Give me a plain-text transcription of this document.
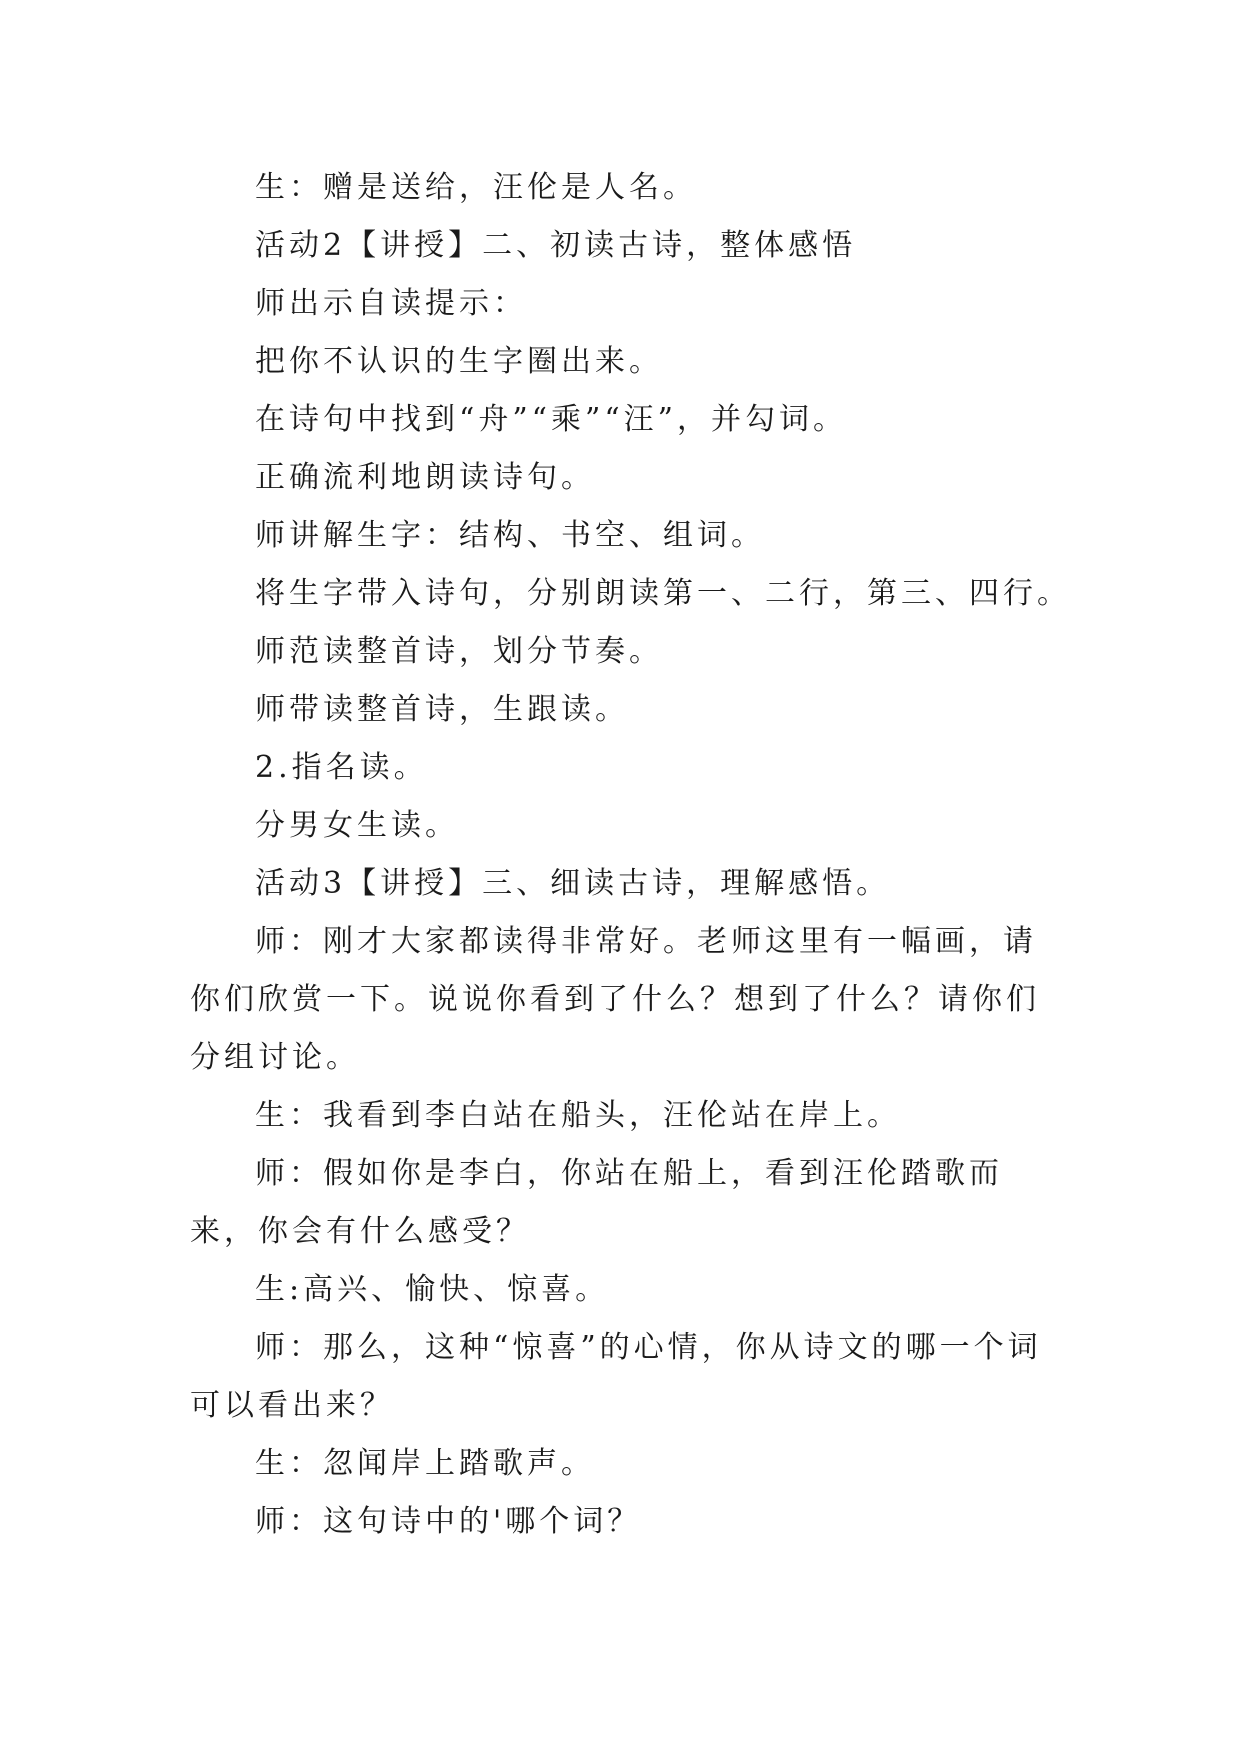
生：赠是送给，汪伦是人名。

活动2【讲授】二、初读古诗，整体感悟

师出示自读提示：

把你不认识的生字圈出来。

在诗句中找到“舟”“乘”“汪”，并勾词。

正确流利地朗读诗句。

师讲解生字：结构、书空、组词。

将生字带入诗句，分别朗读第一、二行，第三、四行。

师范读整首诗，划分节奏。

师带读整首诗，生跟读。

2.指名读。

分男女生读。

活动3【讲授】三、细读古诗，理解感悟。

师：刚才大家都读得非常好。老师这里有一幅画，请你们欣赏一下。说说你看到了什么？想到了什么？请你们分组讨论。

生：我看到李白站在船头，汪伦站在岸上。

师：假如你是李白，你站在船上，看到汪伦踏歌而来，你会有什么感受？

生:高兴、愉快、惊喜。

师：那么，这种“惊喜”的心情，你从诗文的哪一个词可以看出来？

生：忽闻岸上踏歌声。

师：这句诗中的'哪个词？
